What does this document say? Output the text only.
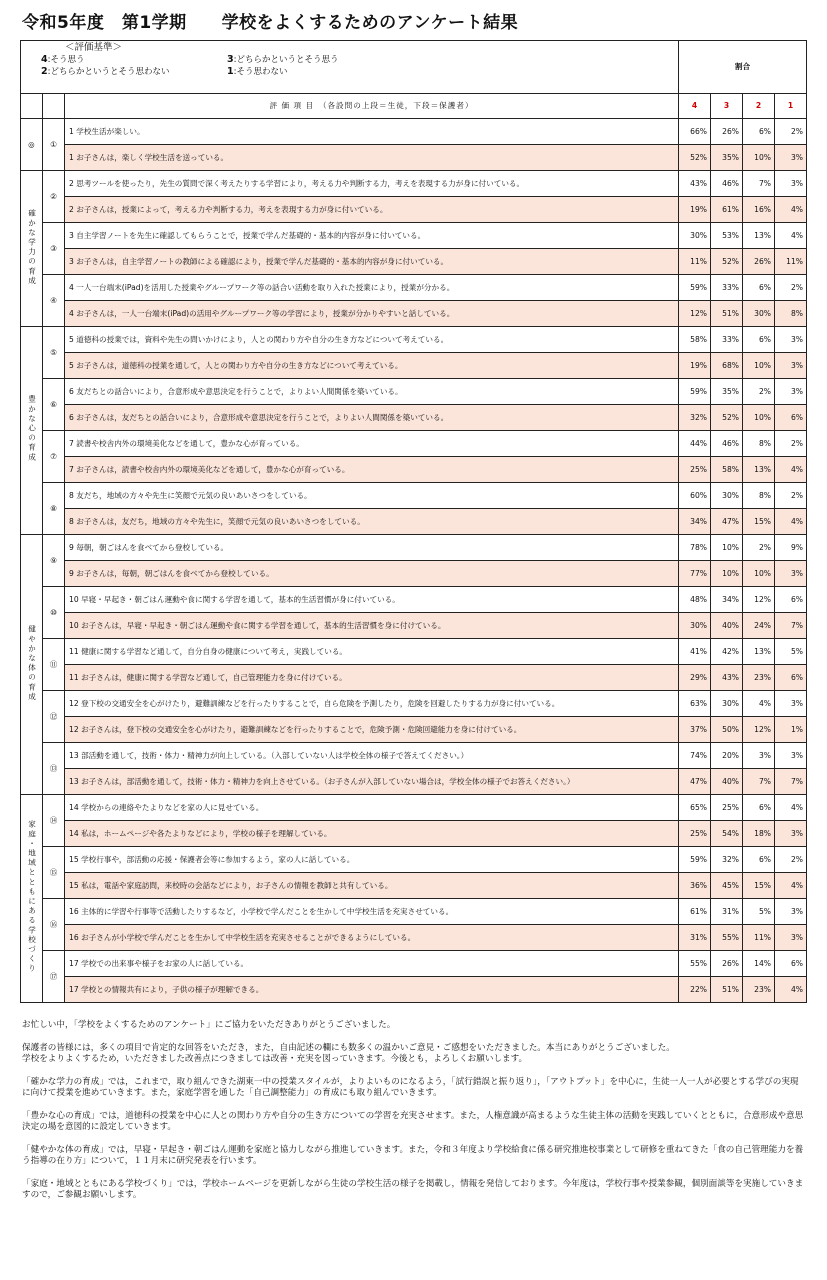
令和5年度　第1学期　　学校をよくするためのアンケート結果
＜評価基準＞
4:そう思う 3:どちらかというとそう思う
2:どちらかというとそう思わない 1:そう思わない			割合			
		評 価 項 目　（各設問の上段＝生徒，下段＝保護者）	4	3	2	1
◎	①	1 学校生活が楽しい。	66%	26%	6%	2%
		1 お子さんは，楽しく学校生活を送っている。	52%	35%	10%	3%
確かな学力の育成	②	2 思考ツールを使ったり，先生の質問で深く考えたりする学習により，考える力や判断する力，考えを表現する力が身に付いている。	43%	46%	7%	3%
		2 お子さんは，授業によって，考える力や判断する力，考えを表現する力が身に付いている。	19%	61%	16%	4%
	③	3 自主学習ノートを先生に確認してもらうことで，授業で学んだ基礎的・基本的内容が身に付いている。	30%	53%	13%	4%
		3 お子さんは，自主学習ノートの教師による確認により，授業で学んだ基礎的・基本的内容が身に付いている。	11%	52%	26%	11%
	④	4 一人一台端末(iPad)を活用した授業やグループワーク等の話合い活動を取り入れた授業により，授業が分かる。	59%	33%	6%	2%
		4 お子さんは，一人一台端末(iPad)の活用やグループワーク等の学習により，授業が分かりやすいと話している。	12%	51%	30%	8%
豊かな心の育成	⑤	5 道徳科の授業では，資料や先生の問いかけにより，人との関わり方や自分の生き方などについて考えている。	58%	33%	6%	3%
		5 お子さんは，道徳科の授業を通して，人との関わり方や自分の生き方などについて考えている。	19%	68%	10%	3%
	⑥	6 友だちとの話合いにより，合意形成や意思決定を行うことで，よりよい人間関係を築いている。	59%	35%	2%	3%
		6 お子さんは，友だちとの話合いにより，合意形成や意思決定を行うことで，よりよい人間関係を築いている。	32%	52%	10%	6%
	⑦	7 読書や校舎内外の環境美化などを通して，豊かな心が育っている。	44%	46%	8%	2%
		7 お子さんは，読書や校舎内外の環境美化などを通して，豊かな心が育っている。	25%	58%	13%	4%
	⑧	8 友だち，地域の方々や先生に笑顔で元気の良いあいさつをしている。	60%	30%	8%	2%
		8 お子さんは，友だち，地域の方々や先生に，笑顔で元気の良いあいさつをしている。	34%	47%	15%	4%
健やかな体の育成	⑨	9 毎朝，朝ごはんを食べてから登校している。	78%	10%	2%	9%
		9 お子さんは，毎朝，朝ごはんを食べてから登校している。	77%	10%	10%	3%
	⑩	10 早寝・早起き・朝ごはん運動や食に関する学習を通して，基本的生活習慣が身に付いている。	48%	34%	12%	6%
		10 お子さんは，早寝・早起き・朝ごはん運動や食に関する学習を通して，基本的生活習慣を身に付けている。	30%	40%	24%	7%
	⑪	11 健康に関する学習など通して，自分自身の健康について考え，実践している。	41%	42%	13%	5%
		11 お子さんは，健康に関する学習など通して，自己管理能力を身に付けている。	29%	43%	23%	6%
	⑫	12 登下校の交通安全を心がけたり，避難訓練などを行ったりすることで，自ら危険を予測したり，危険を回避したりする力が身に付いている。	63%	30%	4%	3%
		12 お子さんは，登下校の交通安全を心がけたり，避難訓練などを行ったりすることで，危険予測・危険回避能力を身に付けている。	37%	50%	12%	1%
	⑬	13 部活動を通して，技術・体力・精神力が向上している。（入部していない人は学校全体の様子で答えてください。）	74%	20%	3%	3%
		13 お子さんは，部活動を通して，技術・体力・精神力を向上させている。（お子さんが入部していない場合は，学校全体の様子でお答えください。）	47%	40%	7%	7%
家庭・地域とともにある学校づくり	⑭	14 学校からの連絡やたよりなどを家の人に見せている。	65%	25%	6%	4%
		14 私は，ホームページや各たよりなどにより，学校の様子を理解している。	25%	54%	18%	3%
	⑮	15 学校行事や，部活動の応援・保護者会等に参加するよう，家の人に話している。	59%	32%	6%	2%
		15 私は，電話や家庭訪問，来校時の会話などにより，お子さんの情報を教師と共有している。	36%	45%	15%	4%
	⑯	16 主体的に学習や行事等で活動したりするなど，小学校で学んだことを生かして中学校生活を充実させている。	61%	31%	5%	3%
		16 お子さんが小学校で学んだことを生かして中学校生活を充実させることができるようにしている。	31%	55%	11%	3%
	⑰	17 学校での出来事や様子をお家の人に話している。	55%	26%	14%	6%
		17 学校との情報共有により，子供の様子が理解できる。	22%	51%	23%	4%

お忙しい中，「学校をよくするためのアンケート」にご協力をいただきありがとうございました。

保護者の皆様には，多くの項目で肯定的な回答をいただき，また，自由記述の欄にも数多くの温かいご意見・ご感想をいただきました。本当にありがとうございました。
学校をよりよくするため，いただきました改善点につきましては改善・充実を図っていきます。今後とも，よろしくお願いします。

「確かな学力の育成」では，これまで，取り組んできた湖東一中の授業スタイルが，よりよいものになるよう，「試行錯誤と振り返り」，「アウトプット」を中心に，生徒一人一人が必要とする学びの実現に向けて授業を進めていきます。また，家庭学習を通した「自己調整能力」の育成にも取り組んでいきます。

「豊かな心の育成」では，道徳科の授業を中心に人との関わり方や自分の生き方についての学習を充実させます。また，人権意識が高まるような生徒主体の活動を実践していくとともに，合意形成や意思決定の場を意図的に設定していきます。

「健やかな体の育成」では，早寝・早起き・朝ごはん運動を家庭と協力しながら推進していきます。また，令和３年度より学校給食に係る研究推進校事業として研修を重ねてきた「食の自己管理能力を養う指導の在り方」について，１１月末に研究発表を行います。

「家庭・地域とともにある学校づくり」では，学校ホームページを更新しながら生徒の学校生活の様子を掲載し，情報を発信しております。今年度は，学校行事や授業参観，個別面談等を実施していきますので，ご参観お願いします。
